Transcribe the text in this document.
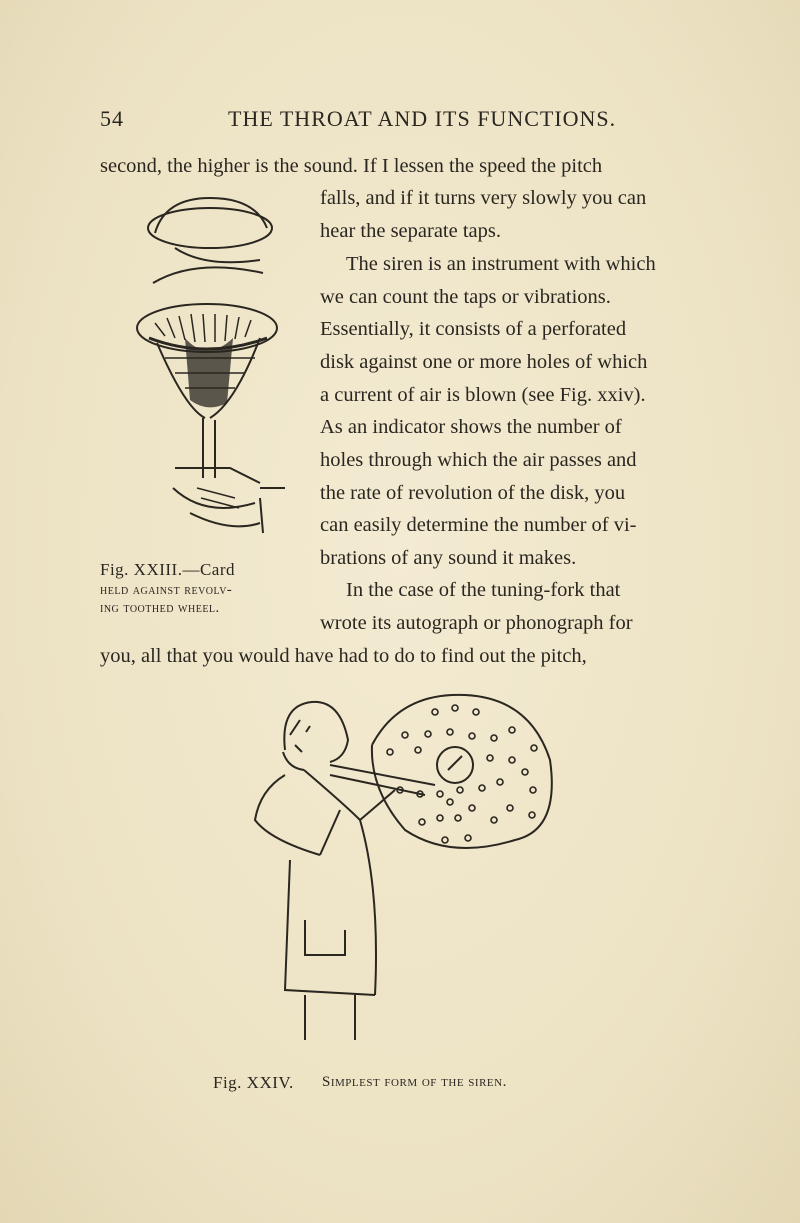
54	THE THROAT AND ITS FUNCTIONS.
second, the higher is the sound. If I lessen the speed the pitch
falls, and if it turns very slowly you can
hear the separate taps.
The siren is an instrument with which
we can count the taps or vibrations.
Essentially, it consists of a perforated
disk against one or more holes of which
a current of air is blown (see Fig. xxiv).
As an indicator shows the number of
holes through which the air passes and
the rate of revolution of the disk, you
can easily determine the number of vi-
brations of any sound it makes.
In the case of the tuning-fork that
wrote its autograph or phonograph for
you, all that you would have had to do to find out the pitch,
Fig. XXIII.—Card
held against revolv-
ing toothed wheel.
Fig. XXIV. Simplest form of the siren.
